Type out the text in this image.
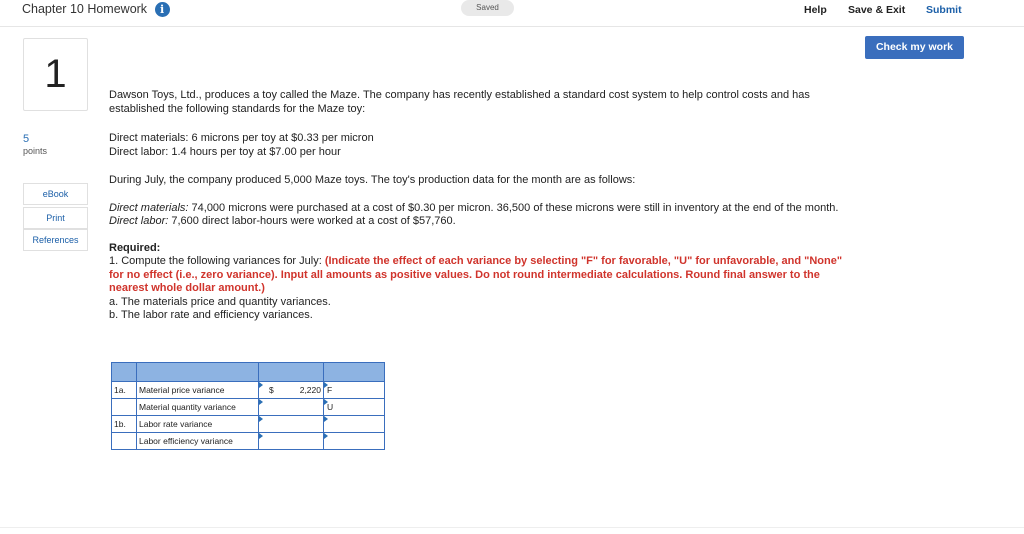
Chapter 10 Homework i	Saved	Help Save & Exit Submit
Check my work
1
5
points
eBook
Print
References

Dawson Toys, Ltd., produces a toy called the Maze. The company has recently established a standard cost system to help control costs and has established the following standards for the Maze toy:

Direct materials: 6 microns per toy at $0.33 per micron

Direct labor: 1.4 hours per toy at $7.00 per hour

During July, the company produced 5,000 Maze toys. The toy's production data for the month are as follows:

Direct materials: 74,000 microns were purchased at a cost of $0.30 per micron. 36,500 of these microns were still in inventory at the end of the month.

Direct labor: 7,600 direct labor-hours were worked at a cost of $57,760.

Required:

1. Compute the following variances for July: (Indicate the effect of each variance by selecting "F" for favorable, "U" for unfavorable, and "None" for no effect (i.e., zero variance). Input all amounts as positive values. Do not round intermediate calculations. Round final answer to the nearest whole dollar amount.)

a. The materials price and quantity variances.

b. The labor rate and efficiency variances.

1a.	Material price variance	$ 2,220	F
	Material quantity variance		U
1b.	Labor rate variance	

	Labor efficiency variance	
